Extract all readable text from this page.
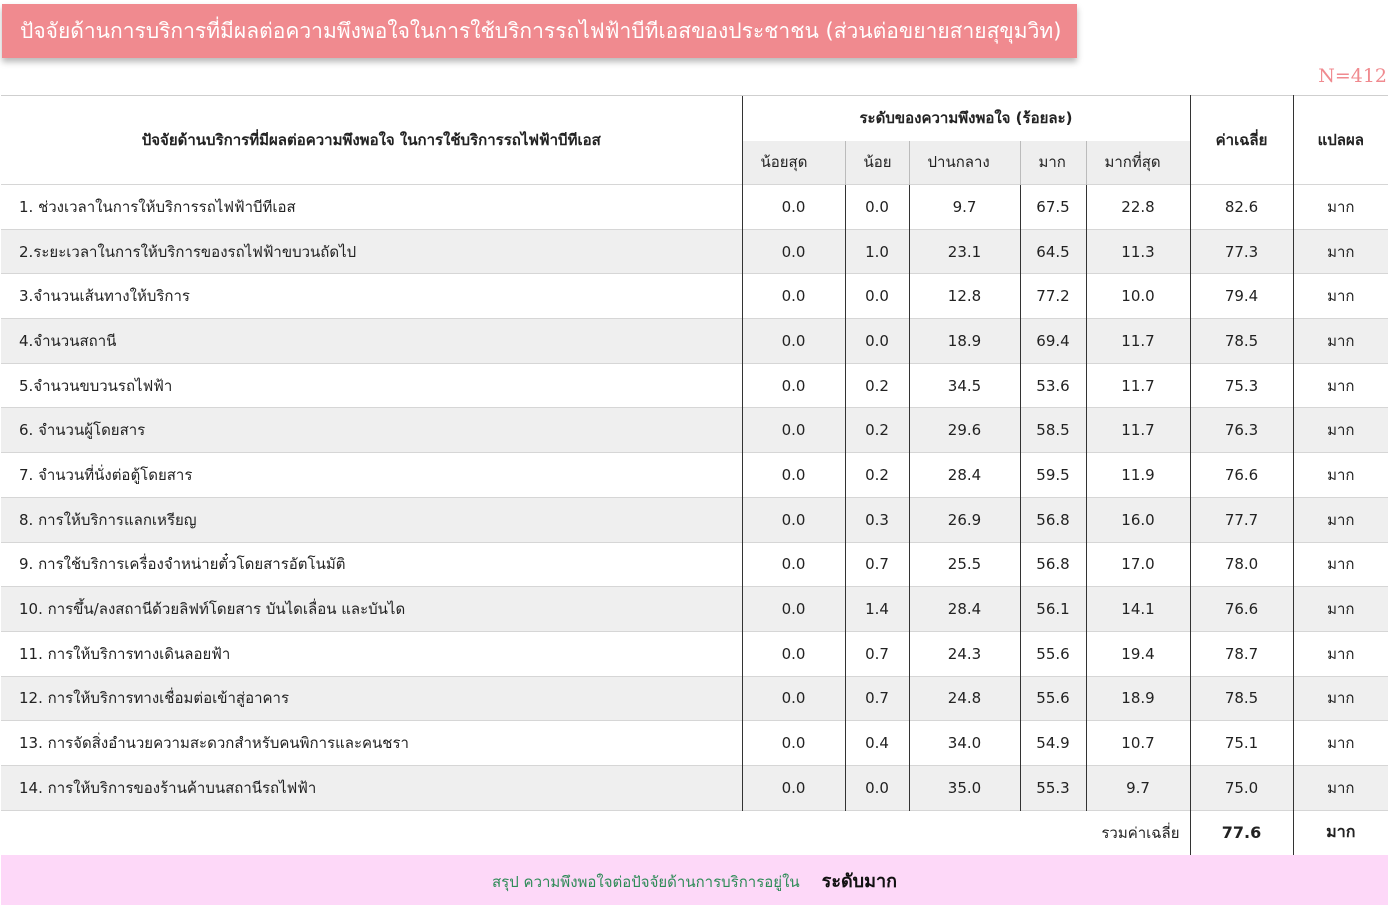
ปัจจัยด้านการบริการที่มีผลต่อความพึงพอใจในการใช้บริการรถไฟฟ้าบีทีเอสของประชาชน (ส่วนต่อขยายสายสุขุมวิท)
N=412
ปัจจัยด้านบริการที่มีผลต่อความพึงพอใจ ในการใช้บริการรถไฟฟ้าบีทีเอส	ระดับของความพึงพอใจ (ร้อยละ)					ค่าเฉลี่ย	แปลผล
	น้อยสุด	น้อย	ปานกลาง	มาก	มากที่สุด		
1. ช่วงเวลาในการให้บริการรถไฟฟ้าบีทีเอส	0.0	0.0	9.7	67.5	22.8	82.6	มาก
2.ระยะเวลาในการให้บริการของรถไฟฟ้าขบวนถัดไป	0.0	1.0	23.1	64.5	11.3	77.3	มาก
3.จำนวนเส้นทางให้บริการ	0.0	0.0	12.8	77.2	10.0	79.4	มาก
4.จำนวนสถานี	0.0	0.0	18.9	69.4	11.7	78.5	มาก
5.จำนวนขบวนรถไฟฟ้า	0.0	0.2	34.5	53.6	11.7	75.3	มาก
6. จำนวนผู้โดยสาร	0.0	0.2	29.6	58.5	11.7	76.3	มาก
7. จำนวนที่นั่งต่อตู้โดยสาร	0.0	0.2	28.4	59.5	11.9	76.6	มาก
8. การให้บริการแลกเหรียญ	0.0	0.3	26.9	56.8	16.0	77.7	มาก
9. การใช้บริการเครื่องจำหน่ายตั๋วโดยสารอัตโนมัติ	0.0	0.7	25.5	56.8	17.0	78.0	มาก
10. การขึ้น/ลงสถานีด้วยลิฟท์โดยสาร บันไดเลื่อน และบันได	0.0	1.4	28.4	56.1	14.1	76.6	มาก
11. การให้บริการทางเดินลอยฟ้า	0.0	0.7	24.3	55.6	19.4	78.7	มาก
12. การให้บริการทางเชื่อมต่อเข้าสู่อาคาร	0.0	0.7	24.8	55.6	18.9	78.5	มาก
13. การจัดสิ่งอำนวยความสะดวกสำหรับคนพิการและคนชรา	0.0	0.4	34.0	54.9	10.7	75.1	มาก
14. การให้บริการของร้านค้าบนสถานีรถไฟฟ้า	0.0	0.0	35.0	55.3	9.7	75.0	มาก
รวมค่าเฉลี่ย						77.6	มาก
สรุป ความพึงพอใจต่อปัจจัยด้านการบริการอยู่ใน ระดับมาก							
